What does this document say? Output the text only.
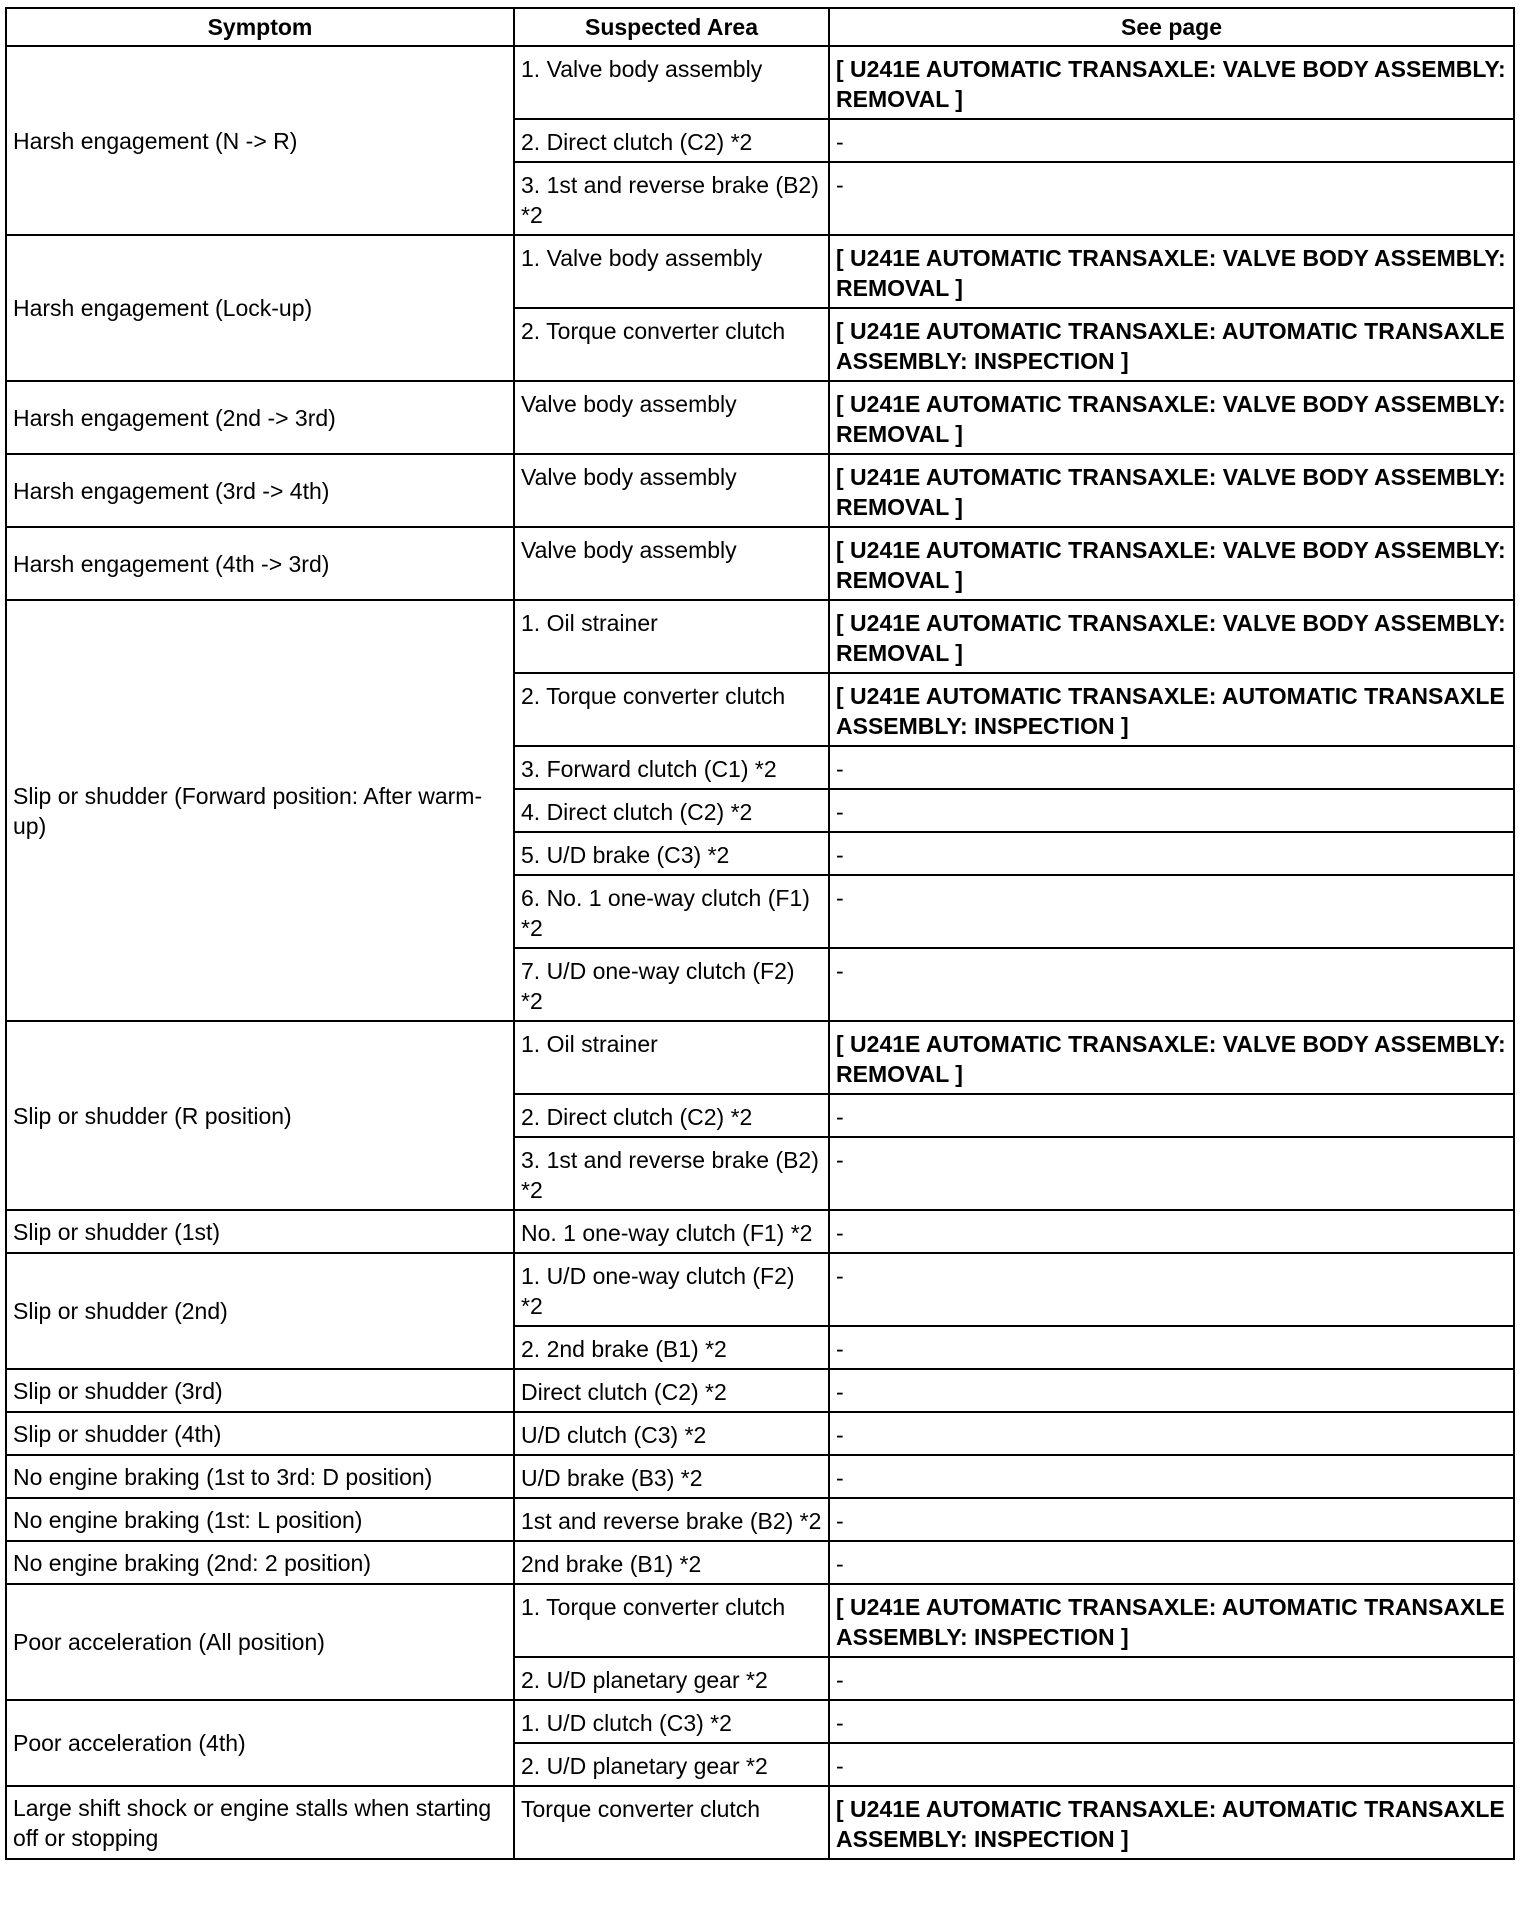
Symptom	Suspected Area	See page
Harsh engagement (N -> R)	1. Valve body assembly	[ U241E AUTOMATIC TRANSAXLE: VALVE BODY ASSEMBLY: REMOVAL ]
	2. Direct clutch (C2) *2	-
	3. 1st and reverse brake (B2) *2	-
Harsh engagement (Lock-up)	1. Valve body assembly	[ U241E AUTOMATIC TRANSAXLE: VALVE BODY ASSEMBLY: REMOVAL ]
	2. Torque converter clutch	[ U241E AUTOMATIC TRANSAXLE: AUTOMATIC TRANSAXLE ASSEMBLY: INSPECTION ]
Harsh engagement (2nd -> 3rd)	Valve body assembly	[ U241E AUTOMATIC TRANSAXLE: VALVE BODY ASSEMBLY: REMOVAL ]
Harsh engagement (3rd -> 4th)	Valve body assembly	[ U241E AUTOMATIC TRANSAXLE: VALVE BODY ASSEMBLY: REMOVAL ]
Harsh engagement (4th -> 3rd)	Valve body assembly	[ U241E AUTOMATIC TRANSAXLE: VALVE BODY ASSEMBLY: REMOVAL ]
Slip or shudder (Forward position: After warm-up)	1. Oil strainer	[ U241E AUTOMATIC TRANSAXLE: VALVE BODY ASSEMBLY: REMOVAL ]
	2. Torque converter clutch	[ U241E AUTOMATIC TRANSAXLE: AUTOMATIC TRANSAXLE ASSEMBLY: INSPECTION ]
	3. Forward clutch (C1) *2	-
	4. Direct clutch (C2) *2	-
	5. U/D brake (C3) *2	-
	6. No. 1 one-way clutch (F1) *2	-
	7. U/D one-way clutch (F2) *2	-
Slip or shudder (R position)	1. Oil strainer	[ U241E AUTOMATIC TRANSAXLE: VALVE BODY ASSEMBLY: REMOVAL ]
	2. Direct clutch (C2) *2	-
	3. 1st and reverse brake (B2) *2	-
Slip or shudder (1st)	No. 1 one-way clutch (F1) *2	-
Slip or shudder (2nd)	1. U/D one-way clutch (F2) *2	-
	2. 2nd brake (B1) *2	-
Slip or shudder (3rd)	Direct clutch (C2) *2	-
Slip or shudder (4th)	U/D clutch (C3) *2	-
No engine braking (1st to 3rd: D position)	U/D brake (B3) *2	-
No engine braking (1st: L position)	1st and reverse brake (B2) *2	-
No engine braking (2nd: 2 position)	2nd brake (B1) *2	-
Poor acceleration (All position)	1. Torque converter clutch	[ U241E AUTOMATIC TRANSAXLE: AUTOMATIC TRANSAXLE ASSEMBLY: INSPECTION ]
	2. U/D planetary gear *2	-
Poor acceleration (4th)	1. U/D clutch (C3) *2	-
	2. U/D planetary gear *2	-
Large shift shock or engine stalls when starting off or stopping	Torque converter clutch	[ U241E AUTOMATIC TRANSAXLE: AUTOMATIC TRANSAXLE ASSEMBLY: INSPECTION ]
